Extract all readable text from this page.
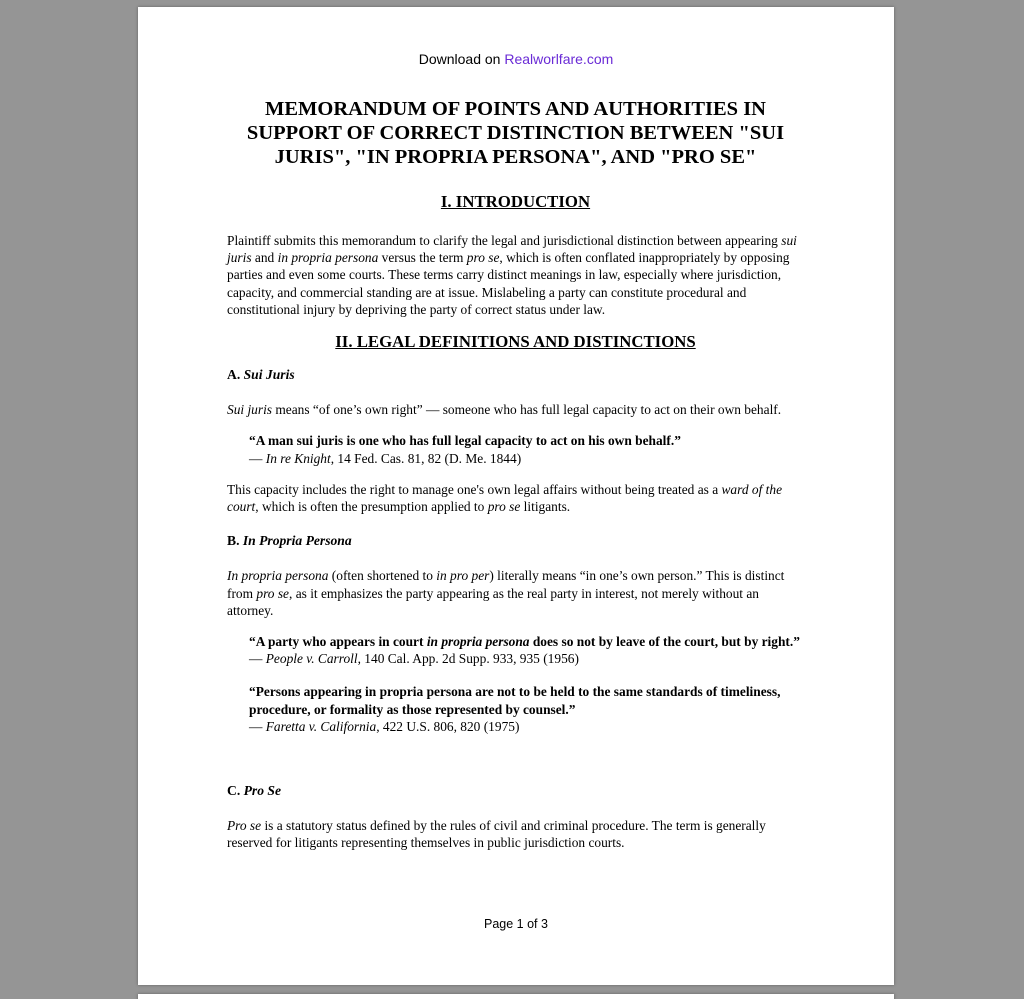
Download on Realworlfare.com
MEMORANDUM OF POINTS AND AUTHORITIES IN SUPPORT OF CORRECT DISTINCTION BETWEEN "SUI JURIS", "IN PROPRIA PERSONA", AND "PRO SE"
I. INTRODUCTION

Plaintiff submits this memorandum to clarify the legal and jurisdictional distinction between appearing sui juris and in propria persona versus the term pro se, which is often conflated inappropriately by opposing parties and even some courts. These terms carry distinct meanings in law, especially where jurisdiction, capacity, and commercial standing are at issue. Mislabeling a party can constitute procedural and constitutional injury by depriving the party of correct status under law.

II. LEGAL DEFINITIONS AND DISTINCTIONS
A. Sui Juris

Sui juris means “of one’s own right” — someone who has full legal capacity to act on their own behalf.

“A man sui juris is one who has full legal capacity to act on his own behalf.”
— In re Knight, 14 Fed. Cas. 81, 82 (D. Me. 1844)

This capacity includes the right to manage one's own legal affairs without being treated as a ward of the court, which is often the presumption applied to pro se litigants.

B. In Propria Persona

In propria persona (often shortened to in pro per) literally means “in one’s own person.” This is distinct from pro se, as it emphasizes the party appearing as the real party in interest, not merely without an attorney.

“A party who appears in court in propria persona does so not by leave of the court, but by right.”
— People v. Carroll, 140 Cal. App. 2d Supp. 933, 935 (1956)
“Persons appearing in propria persona are not to be held to the same standards of timeliness, procedure, or formality as those represented by counsel.”
— Faretta v. California, 422 U.S. 806, 820 (1975)
C. Pro Se

Pro se is a statutory status defined by the rules of civil and criminal procedure. The term is generally reserved for litigants representing themselves in public jurisdiction courts.

Page 1 of 3
